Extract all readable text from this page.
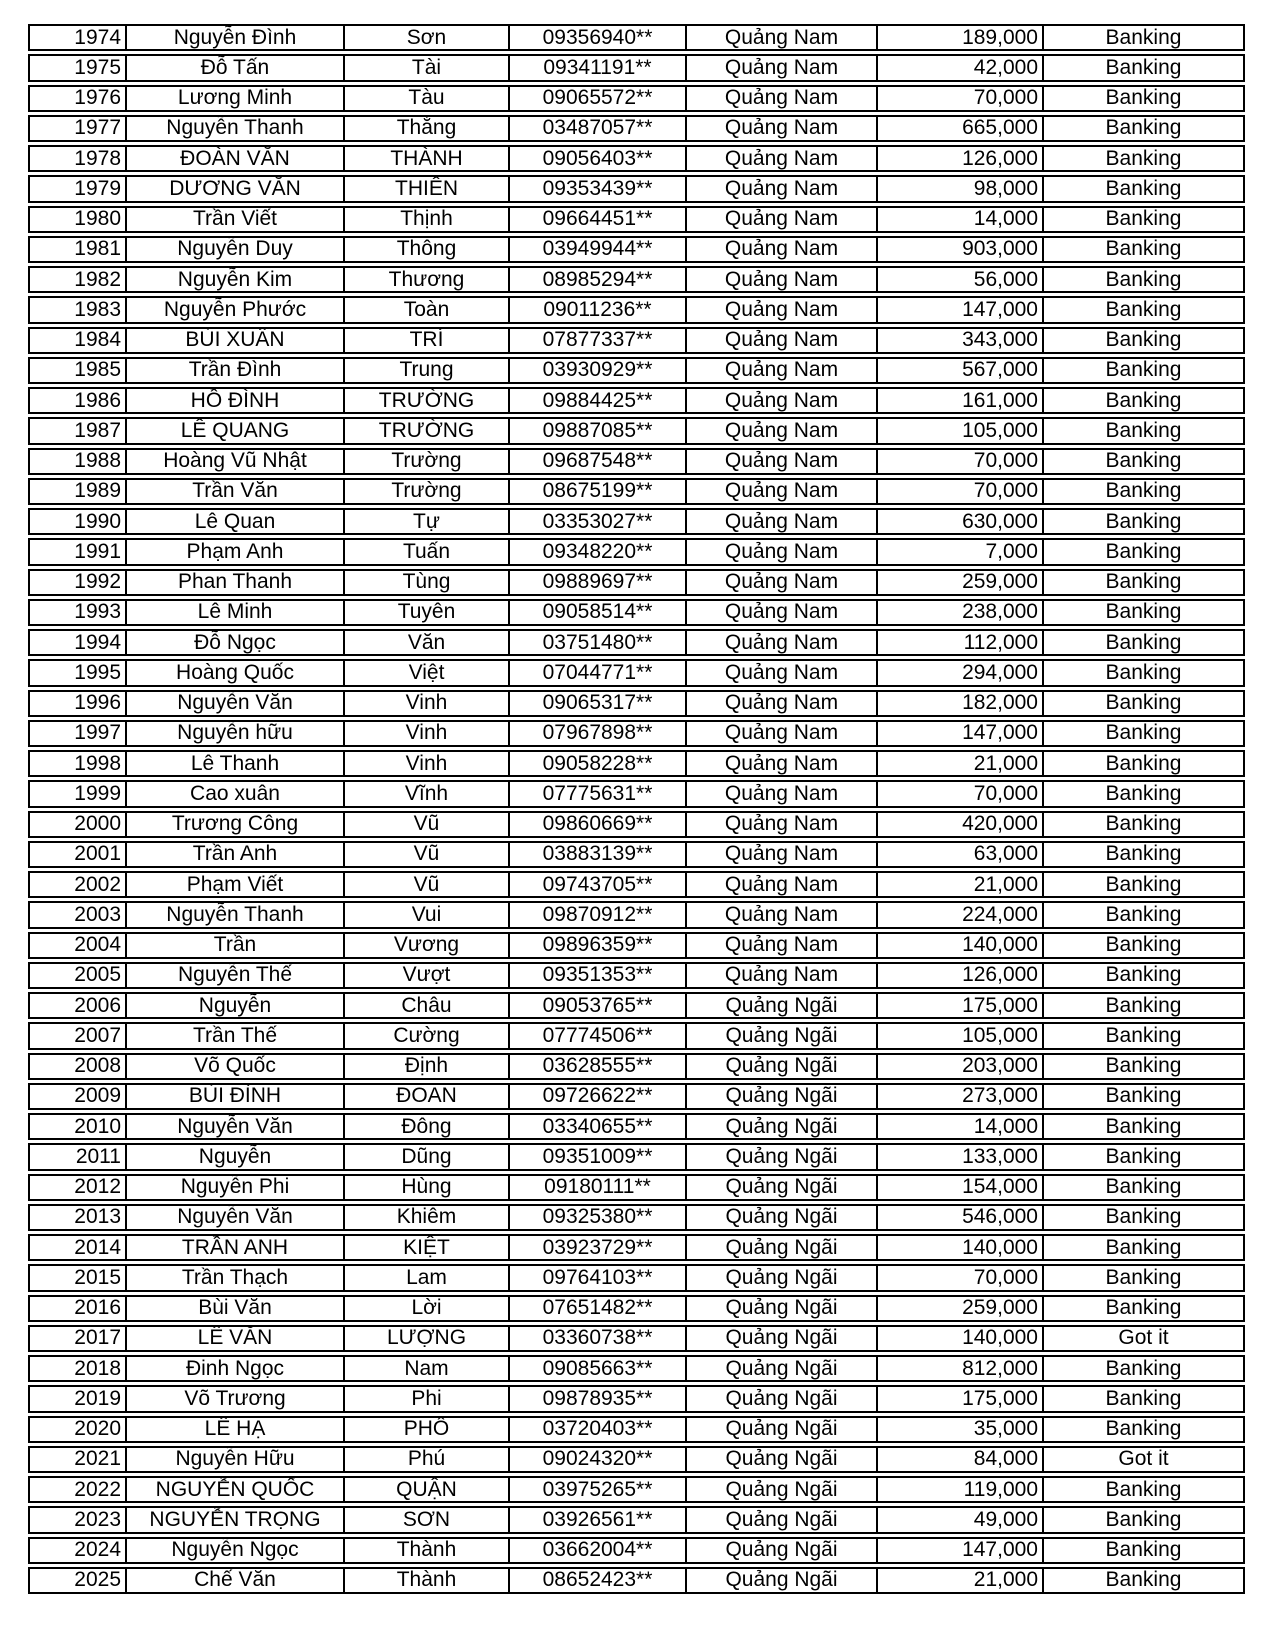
1974	Nguyễn Đình	Sơn	09356940**	Quảng Nam	189,000	Banking
1975	Đỗ Tấn	Tài	09341191**	Quảng Nam	42,000	Banking
1976	Lương Minh	Tàu	09065572**	Quảng Nam	70,000	Banking
1977	Nguyễn Thanh	Thắng	03487057**	Quảng Nam	665,000	Banking
1978	ĐOÀN VĂN	THÀNH	09056403**	Quảng Nam	126,000	Banking
1979	DƯƠNG VĂN	THIÊN	09353439**	Quảng Nam	98,000	Banking
1980	Trần Viết	Thịnh	09664451**	Quảng Nam	14,000	Banking
1981	Nguyễn Duy	Thông	03949944**	Quảng Nam	903,000	Banking
1982	Nguyễn Kim	Thương	08985294**	Quảng Nam	56,000	Banking
1983	Nguyễn Phước	Toàn	09011236**	Quảng Nam	147,000	Banking
1984	BÙI XUÂN	TRÍ	07877337**	Quảng Nam	343,000	Banking
1985	Trần Đình	Trung	03930929**	Quảng Nam	567,000	Banking
1986	HỒ ĐÌNH	TRƯỜNG	09884425**	Quảng Nam	161,000	Banking
1987	LÊ QUANG	TRƯỜNG	09887085**	Quảng Nam	105,000	Banking
1988	Hoàng Vũ Nhật	Trường	09687548**	Quảng Nam	70,000	Banking
1989	Trần Văn	Trường	08675199**	Quảng Nam	70,000	Banking
1990	Lê Quan	Tự	03353027**	Quảng Nam	630,000	Banking
1991	Phạm Anh	Tuấn	09348220**	Quảng Nam	7,000	Banking
1992	Phan Thanh	Tùng	09889697**	Quảng Nam	259,000	Banking
1993	Lê Minh	Tuyên	09058514**	Quảng Nam	238,000	Banking
1994	Đỗ Ngọc	Văn	03751480**	Quảng Nam	112,000	Banking
1995	Hoàng Quốc	Việt	07044771**	Quảng Nam	294,000	Banking
1996	Nguyễn Văn	Vinh	09065317**	Quảng Nam	182,000	Banking
1997	Nguyễn hữu	Vinh	07967898**	Quảng Nam	147,000	Banking
1998	Lê Thanh	Vinh	09058228**	Quảng Nam	21,000	Banking
1999	Cao xuân	Vĩnh	07775631**	Quảng Nam	70,000	Banking
2000	Trương Công	Vũ	09860669**	Quảng Nam	420,000	Banking
2001	Trần Anh	Vũ	03883139**	Quảng Nam	63,000	Banking
2002	Phạm Viết	Vũ	09743705**	Quảng Nam	21,000	Banking
2003	Nguyễn Thanh	Vui	09870912**	Quảng Nam	224,000	Banking
2004	Trần	Vương	09896359**	Quảng Nam	140,000	Banking
2005	Nguyễn Thế	Vượt	09351353**	Quảng Nam	126,000	Banking
2006	Nguyễn	Châu	09053765**	Quảng Ngãi	175,000	Banking
2007	Trần Thế	Cường	07774506**	Quảng Ngãi	105,000	Banking
2008	Võ Quốc	Định	03628555**	Quảng Ngãi	203,000	Banking
2009	BÙI ĐÌNH	ĐOAN	09726622**	Quảng Ngãi	273,000	Banking
2010	Nguyễn Văn	Đông	03340655**	Quảng Ngãi	14,000	Banking
2011	Nguyễn	Dũng	09351009**	Quảng Ngãi	133,000	Banking
2012	Nguyễn Phi	Hùng	09180111**	Quảng Ngãi	154,000	Banking
2013	Nguyễn Văn	Khiêm	09325380**	Quảng Ngãi	546,000	Banking
2014	TRẦN ANH	KIỆT	03923729**	Quảng Ngãi	140,000	Banking
2015	Trần Thạch	Lam	09764103**	Quảng Ngãi	70,000	Banking
2016	Bùi Văn	Lời	07651482**	Quảng Ngãi	259,000	Banking
2017	LÊ VĂN	LƯỢNG	03360738**	Quảng Ngãi	140,000	Got it
2018	Đinh Ngọc	Nam	09085663**	Quảng Ngãi	812,000	Banking
2019	Võ Trương	Phi	09878935**	Quảng Ngãi	175,000	Banking
2020	LÊ HẠ	PHỐ	03720403**	Quảng Ngãi	35,000	Banking
2021	Nguyễn Hữu	Phú	09024320**	Quảng Ngãi	84,000	Got it
2022	NGUYỄN QUỐC	QUẬN	03975265**	Quảng Ngãi	119,000	Banking
2023	NGUYỄN TRỌNG	SƠN	03926561**	Quảng Ngãi	49,000	Banking
2024	Nguyễn Ngọc	Thành	03662004**	Quảng Ngãi	147,000	Banking
2025	Chế Văn	Thành	08652423**	Quảng Ngãi	21,000	Banking
